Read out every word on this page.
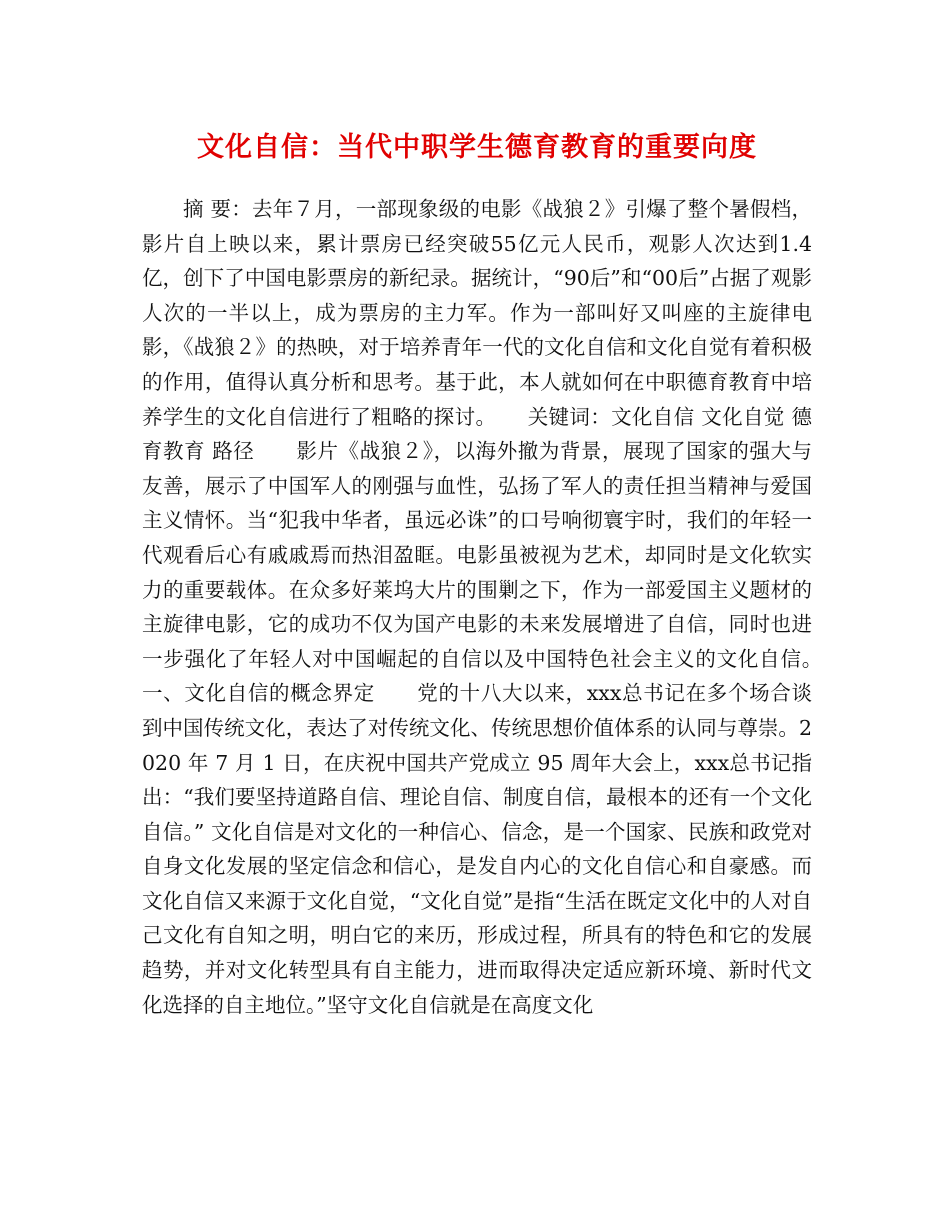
文化自信：当代中职学生德育教育的重要向度

摘 要：去年７月，一部现象级的电影《战狼２》引爆了整个暑假档，影片自上映以来，累计票房已经突破55亿元人民币，观影人次达到1.4亿，创下了中国电影票房的新纪录。据统计，“90后”和“00后”占据了观影人次的一半以上，成为票房的主力军。作为一部叫好又叫座的主旋律电影，《战狼２》的热映，对于培养青年一代的文化自信和文化自觉有着积极的作用，值得认真分析和思考。基于此，本人就如何在中职德育教育中培养学生的文化自信进行了粗略的探讨。　　关键词：文化自信 文化自觉 德育教育 路径　　影片《战狼２》，以海外撤为背景，展现了国家的强大与友善，展示了中国军人的刚强与血性，弘扬了军人的责任担当精神与爱国主义情怀。当“犯我中华者，虽远必诛”的口号响彻寰宇时，我们的年轻一代观看后心有戚戚焉而热泪盈眶。电影虽被视为艺术，却同时是文化软实力的重要载体。在众多好莱坞大片的围剿之下，作为一部爱国主义题材的主旋律电影，它的成功不仅为国产电影的未来发展增进了自信，同时也进一步强化了年轻人对中国崛起的自信以及中国特色社会主义的文化自信。　　一、文化自信的概念界定　　党的十八大以来，xxx总书记在多个场合谈到中国传统文化，表达了对传统文化、传统思想价值体系的认同与尊崇。2020 年 7 月 1 日，在庆祝中国共产党成立 95 周年大会上，xxx总书记指出：“我们要坚持道路自信、理论自信、制度自信，最根本的还有一个文化自信。” 文化自信是对文化的一种信心、信念，是一个国家、民族和政党对自身文化发展的坚定信念和信心，是发自内心的文化自信心和自豪感。而文化自信又来源于文化自觉，“文化自觉”是指“生活在既定文化中的人对自己文化有自知之明，明白它的来历，形成过程，所具有的特色和它的发展趋势，并对文化转型具有自主能力，进而取得决定适应新环境、新时代文化选择的自主地位。”坚守文化自信就是在高度文化
